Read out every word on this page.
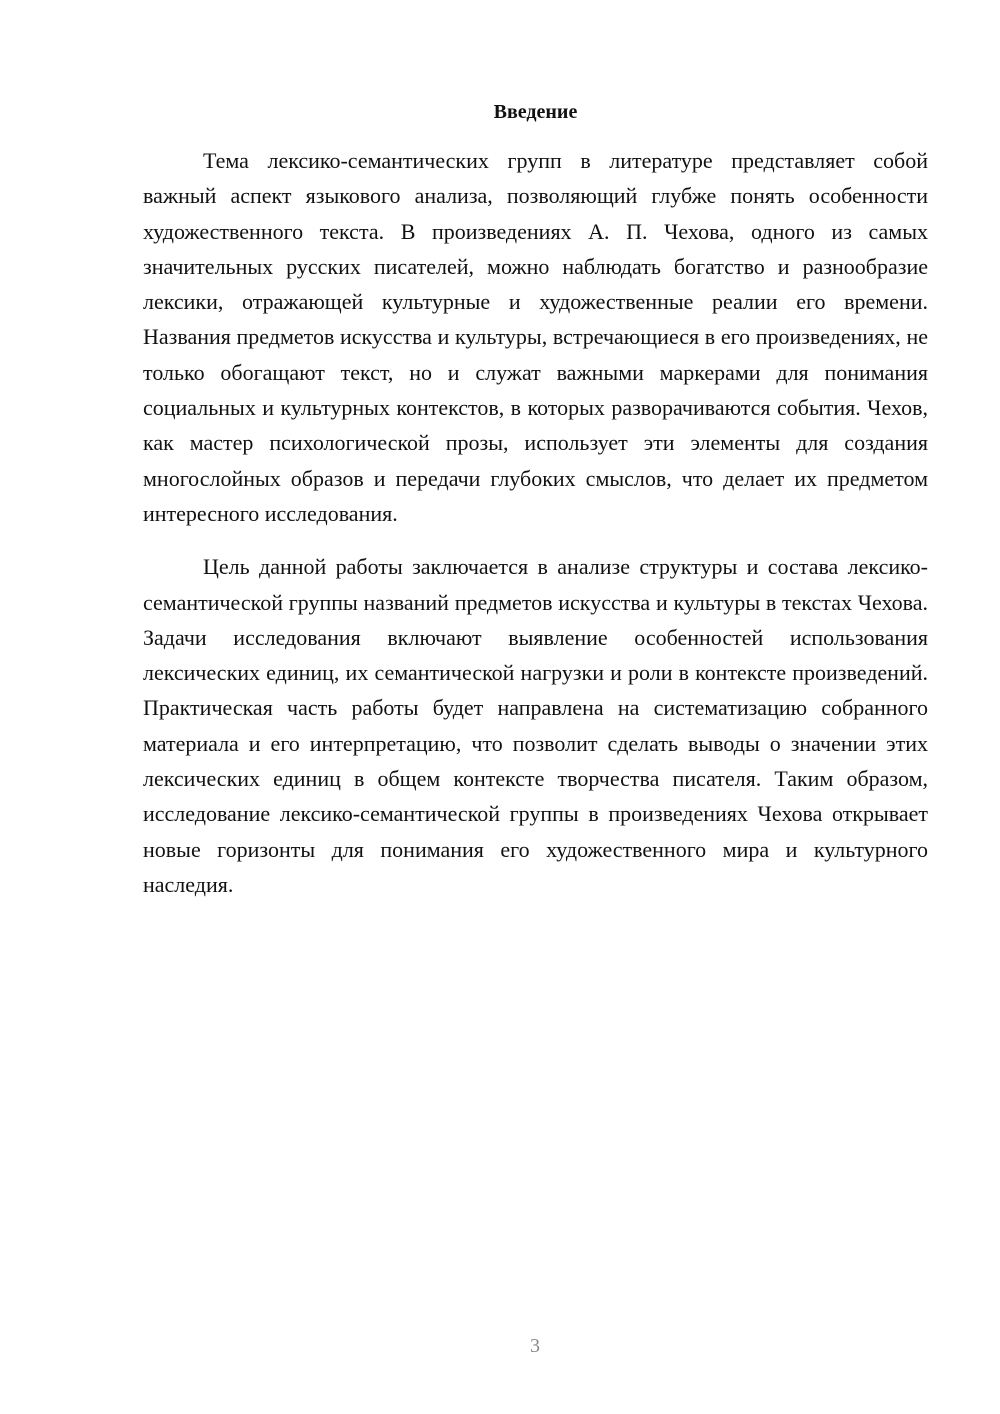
Введение

Тема лексико-семантических групп в литературе представляет собой важный аспект языкового анализа, позволяющий глубже понять особенности художественного текста. В произведениях А. П. Чехова, одного из самых значительных русских писателей, можно наблюдать богатство и разнообразие лексики, отражающей культурные и художественные реалии его времени. Названия предметов искусства и культуры, встречающиеся в его произведениях, не только обогащают текст, но и служат важными маркерами для понимания социальных и культурных контекстов, в которых разворачиваются события. Чехов, как мастер психологической прозы, использует эти элементы для создания многослойных образов и передачи глубоких смыслов, что делает их предметом интересного исследования.

Цель данной работы заключается в анализе структуры и состава лексико-семантической группы названий предметов искусства и культуры в текстах Чехова. Задачи исследования включают выявление особенностей использования лексических единиц, их семантической нагрузки и роли в контексте произведений. Практическая часть работы будет направлена на систематизацию собранного материала и его интерпретацию, что позволит сделать выводы о значении этих лексических единиц в общем контексте творчества писателя. Таким образом, исследование лексико-семантической группы в произведениях Чехова открывает новые горизонты для понимания его художественного мира и культурного наследия.

3
